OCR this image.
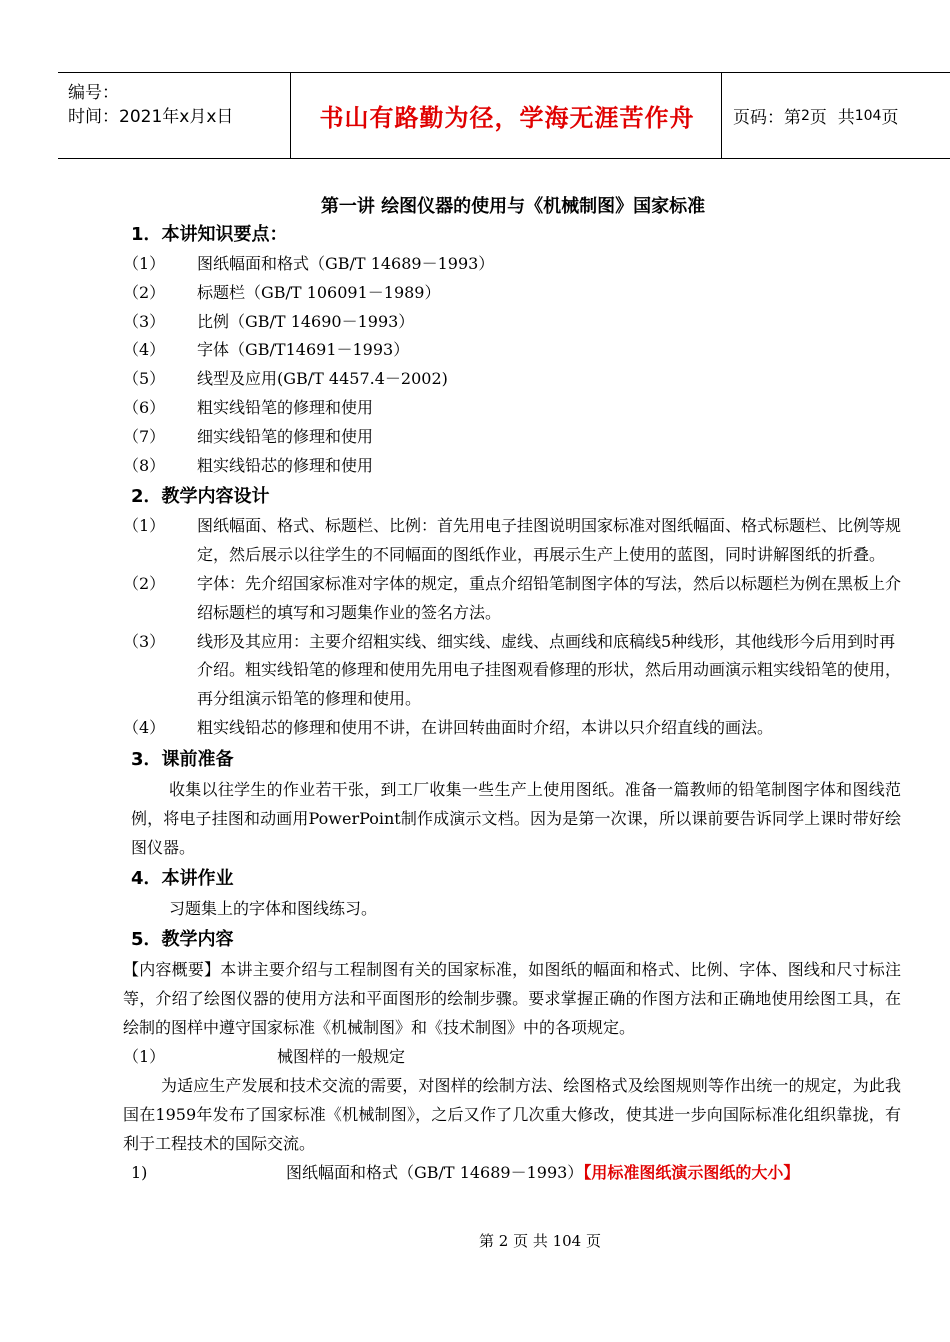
编号：
时间：2021年x月x日	书山有路勤为径，学海无涯苦作舟	页码：第 2 页  共 104 页
第一讲 绘图仪器的使用与《机械制图》国家标准
1．本讲知识要点：
（1） 图纸幅面和格式（GB/T 14689－1993）
（2） 标题栏（GB/T 106091－1989）
（3） 比例（GB/T 14690－1993）
（4） 字体（GB/T14691－1993）
（5） 线型及应用(GB/T 4457.4－2002)
（6） 粗实线铅笔的修理和使用
（7） 细实线铅笔的修理和使用
（8） 粗实线铅芯的修理和使用
2．教学内容设计
（1） 图纸幅面、格式、标题栏、比例：首先用电子挂图说明国家标准对图纸幅面、格式标题栏、比例等规定，然后展示以往学生的不同幅面的图纸作业，再展示生产上使用的蓝图，同时讲解图纸的折叠。
（2） 字体：先介绍国家标准对字体的规定，重点介绍铅笔制图字体的写法，然后以标题栏为例在黑板上介绍标题栏的填写和习题集作业的签名方法。
（3） 线形及其应用：主要介绍粗实线、细实线、虚线、点画线和底稿线5种线形，其他线形今后用到时再介绍。粗实线铅笔的修理和使用先用电子挂图观看修理的形状，然后用动画演示粗实线铅笔的使用，再分组演示铅笔的修理和使用。
（4） 粗实线铅芯的修理和使用不讲，在讲回转曲面时介绍，本讲以只介绍直线的画法。
3．课前准备
收集以往学生的作业若干张，到工厂收集一些生产上使用图纸。准备一篇教师的铅笔制图字体和图线范例，将电子挂图和动画用PowerPoint制作成演示文档。因为是第一次课，所以课前要告诉同学上课时带好绘图仪器。
4．本讲作业
习题集上的字体和图线练习。
5．教学内容
【内容概要】本讲主要介绍与工程制图有关的国家标准，如图纸的幅面和格式、比例、字体、图线和尺寸标注等，介绍了绘图仪器的使用方法和平面图形的绘制步骤。要求掌握正确的作图方法和正确地使用绘图工具，在绘制的图样中遵守国家标准《机械制图》和《技术制图》中的各项规定。
（1）	械图样的一般规定
为适应生产发展和技术交流的需要，对图样的绘制方法、绘图格式及绘图规则等作出统一的规定，为此我国在1959年发布了国家标准《机械制图》，之后又作了几次重大修改，使其进一步向国际标准化组织靠拢，有利于工程技术的国际交流。
1)	图纸幅面和格式（GB/T 14689－1993）【用标准图纸演示图纸的大小】
第 2 页 共 104 页
